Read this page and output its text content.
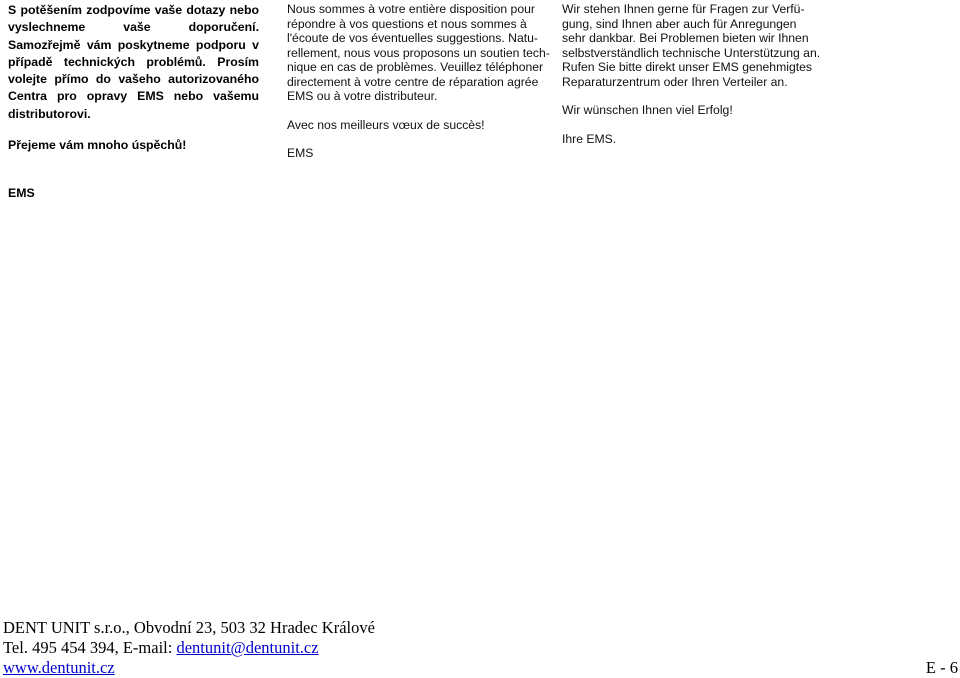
S potěšením zodpovíme vaše dotazy nebo vyslechneme vaše doporučení. Samozřejmě vám poskytneme podporu v případě technických problémů. Prosím volejte přímo do vašeho autorizovaného Centra pro opravy EMS nebo vašemu distributorovi.

Přejeme vám mnoho úspěchů!

EMS

Nous sommes à votre entière disposition pour
répondre à vos questions et nous sommes à
l'écoute de vos éventuelles suggestions. Natu-
rellement, nous vous proposons un soutien tech-
nique en cas de problèmes. Veuillez téléphoner
directement à votre centre de réparation agrée
EMS ou à votre distributeur.

Avec nos meilleurs vœux de succès!

EMS

Wir stehen Ihnen gerne für Fragen zur Verfü-
gung, sind Ihnen aber auch für Anregungen
sehr dankbar. Bei Problemen bieten wir Ihnen
selbstverständlich technische Unterstützung an.
Rufen Sie bitte direkt unser EMS genehmigtes
Reparaturzentrum oder Ihren Verteiler an.

Wir wünschen Ihnen viel Erfolg!

Ihre EMS.

DENT UNIT s.r.o., Obvodní 23, 503 32 Hradec Králové
Tel. 495 454 394, E-mail: dentunit@dentunit.cz
www.dentunit.cz	E - 6
